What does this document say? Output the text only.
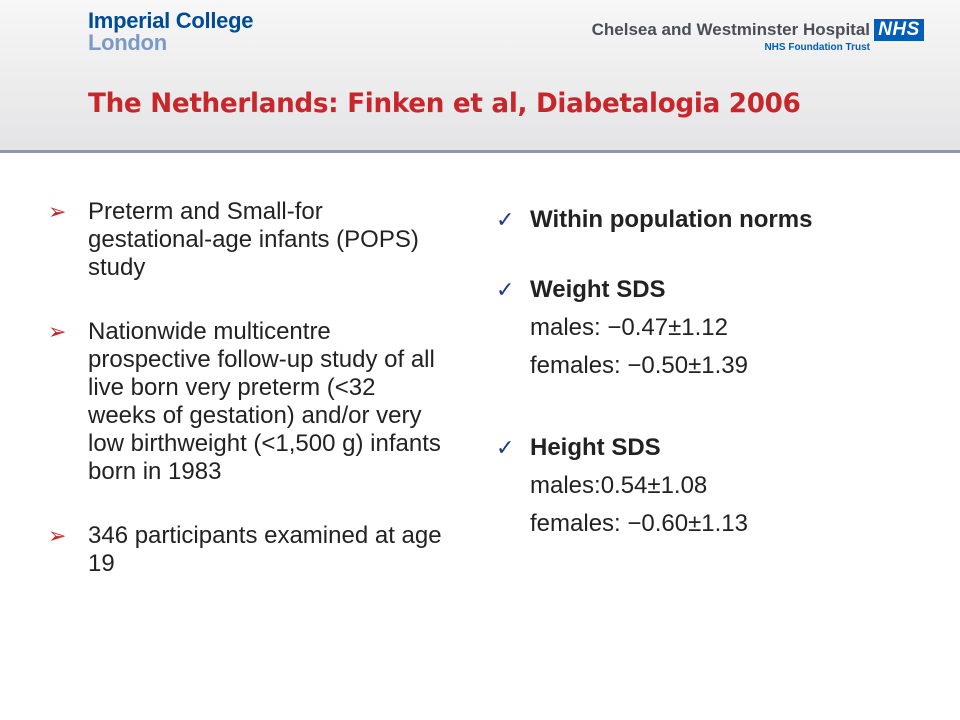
Imperial College
London
Chelsea and Westminster Hospital
NHS Foundation Trust
NHS
The Netherlands: Finken et al, Diabetalogia 2006
➢ Preterm and Small-for gestational-age infants (POPS) study
➢ Nationwide multicentre prospective follow-up study of all live born very preterm (<32 weeks of gestation) and/or very low birthweight (<1,500 g) infants born in 1983
➢ 346 participants examined at age 19
✓ Within population norms
✓ Weight SDS
males: −0.47±1.12
females: −0.50±1.39
✓ Height SDS
males:0.54±1.08
females: −0.60±1.13
